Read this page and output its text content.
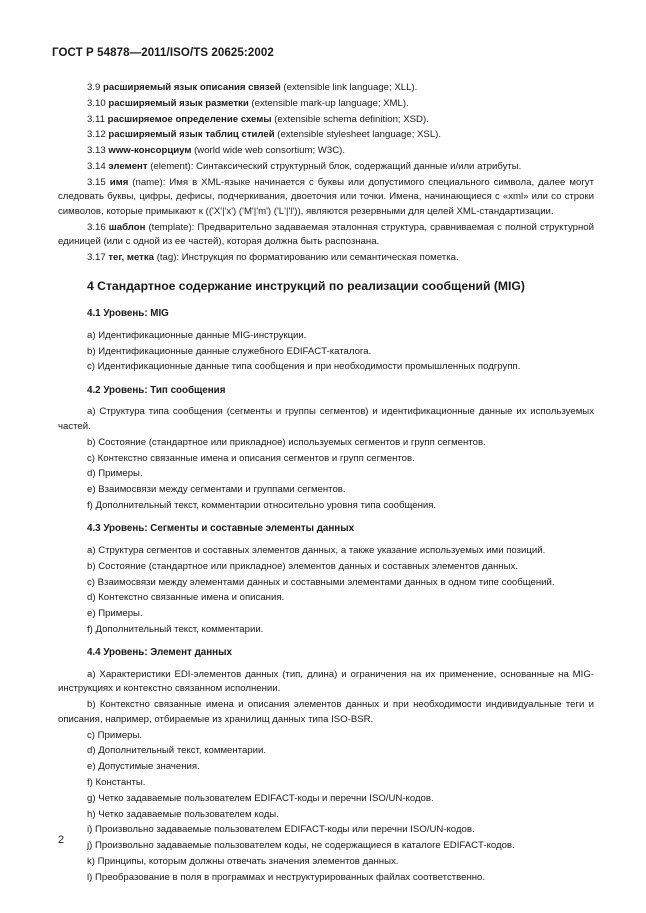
ГОСТ Р 54878—2011/ISO/TS 20625:2002

3.9 расширяемый язык описания связей (extensible link language; XLL).

3.10 расширяемый язык разметки (extensible mark-up language; XML).

3.11 расширяемое определение схемы (extensible schema definition; XSD).

3.12 расширяемый язык таблиц стилей (extensible stylesheet language; XSL).

3.13 www-консорциум (world wide web consortium; W3C).

3.14 элемент (element): Синтаксический структурный блок, содержащий данные и/или атрибуты.

3.15 имя (name): Имя в XML-языке начинается с буквы или допустимого специального символа, далее могут следовать буквы, цифры, дефисы, подчеркивания, двоеточия или точки. Имена, начинающиеся с «xml» или со строки символов, которые примыкают к (('X'|'x') ('M'|'m') ('L'|'l')), являются резервными для целей XML-стандартизации.

3.16 шаблон (template): Предварительно задаваемая эталонная структура, сравниваемая с полной структурной единицей (или с одной из ее частей), которая должна быть распознана.

3.17 тег, метка (tag): Инструкция по форматированию или семантическая пометка.

4 Стандартное содержание инструкций по реализации сообщений (MIG)
4.1 Уровень: MIG

a) Идентификационные данные MIG-инструкции.

b) Идентификационные данные служебного EDIFACT-каталога.

c) Идентификационные данные типа сообщения и при необходимости промышленных подгрупп.

4.2 Уровень: Тип сообщения

a) Структура типа сообщения (сегменты и группы сегментов) и идентификационные данные их используемых частей.

b) Состояние (стандартное или прикладное) используемых сегментов и групп сегментов.

c) Контекстно связанные имена и описания сегментов и групп сегментов.

d) Примеры.

e) Взаимосвязи между сегментами и группами сегментов.

f) Дополнительный текст, комментарии относительно уровня типа сообщения.

4.3 Уровень: Сегменты и составные элементы данных

a) Структура сегментов и составных элементов данных, а также указание используемых ими позиций.

b) Состояние (стандартное или прикладное) элементов данных и составных элементов данных.

c) Взаимосвязи между элементами данных и составными элементами данных в одном типе сообщений.

d) Контекстно связанные имена и описания.

e) Примеры.

f) Дополнительный текст, комментарии.

4.4 Уровень: Элемент данных

a) Характеристики EDI-элементов данных (тип, длина) и ограничения на их применение, основанные на MIG-инструкциях и контекстно связанном исполнении.

b) Контекстно связанные имена и описания элементов данных и при необходимости индивидуальные теги и описания, например, отбираемые из хранилищ данных типа ISO-BSR.

c) Примеры.

d) Дополнительный текст, комментарии.

e) Допустимые значения.

f) Константы.

g) Четко задаваемые пользователем EDIFACT-коды и перечни ISO/UN-кодов.

h) Четко задаваемые пользователем коды.

i) Произвольно задаваемые пользователем EDIFACT-коды или перечни ISO/UN-кодов.

j) Произвольно задаваемые пользователем коды, не содержащиеся в каталоге EDIFACT-кодов.

k) Принципы, которым должны отвечать значения элементов данных.

l) Преобразование в поля в программах и неструктурированных файлах соответственно.

2
